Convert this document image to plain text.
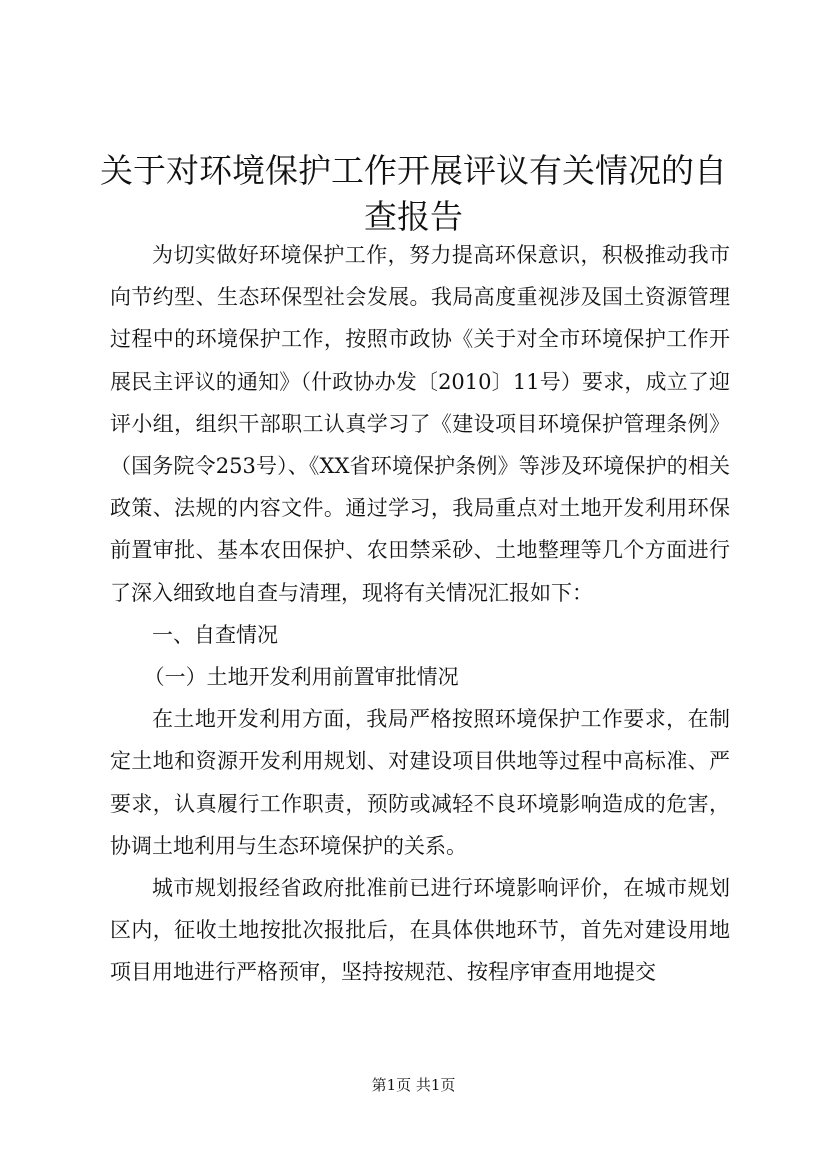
关于对环境保护工作开展评议有关情况的自查报告

为切实做好环境保护工作，努力提高环保意识，积极推动我市向节约型、生态环保型社会发展。我局高度重视涉及国土资源管理过程中的环境保护工作，按照市政协《关于对全市环境保护工作开展民主评议的通知》（什政协办发〔2010〕11号）要求，成立了迎评小组，组织干部职工认真学习了《建设项目环境保护管理条例》（国务院令253号）、《XX省环境保护条例》等涉及环境保护的相关政策、法规的内容文件。通过学习，我局重点对土地开发利用环保前置审批、基本农田保护、农田禁采砂、土地整理等几个方面进行了深入细致地自查与清理，现将有关情况汇报如下：

一、自查情况

（一）土地开发利用前置审批情况

在土地开发利用方面，我局严格按照环境保护工作要求，在制定土地和资源开发利用规划、对建设项目供地等过程中高标准、严要求，认真履行工作职责，预防或减轻不良环境影响造成的危害，协调土地利用与生态环境保护的关系。

城市规划报经省政府批准前已进行环境影响评价，在城市规划区内，征收土地按批次报批后，在具体供地环节，首先对建设用地项目用地进行严格预审，坚持按规范、按程序审查用地提交

第1页 共1页
